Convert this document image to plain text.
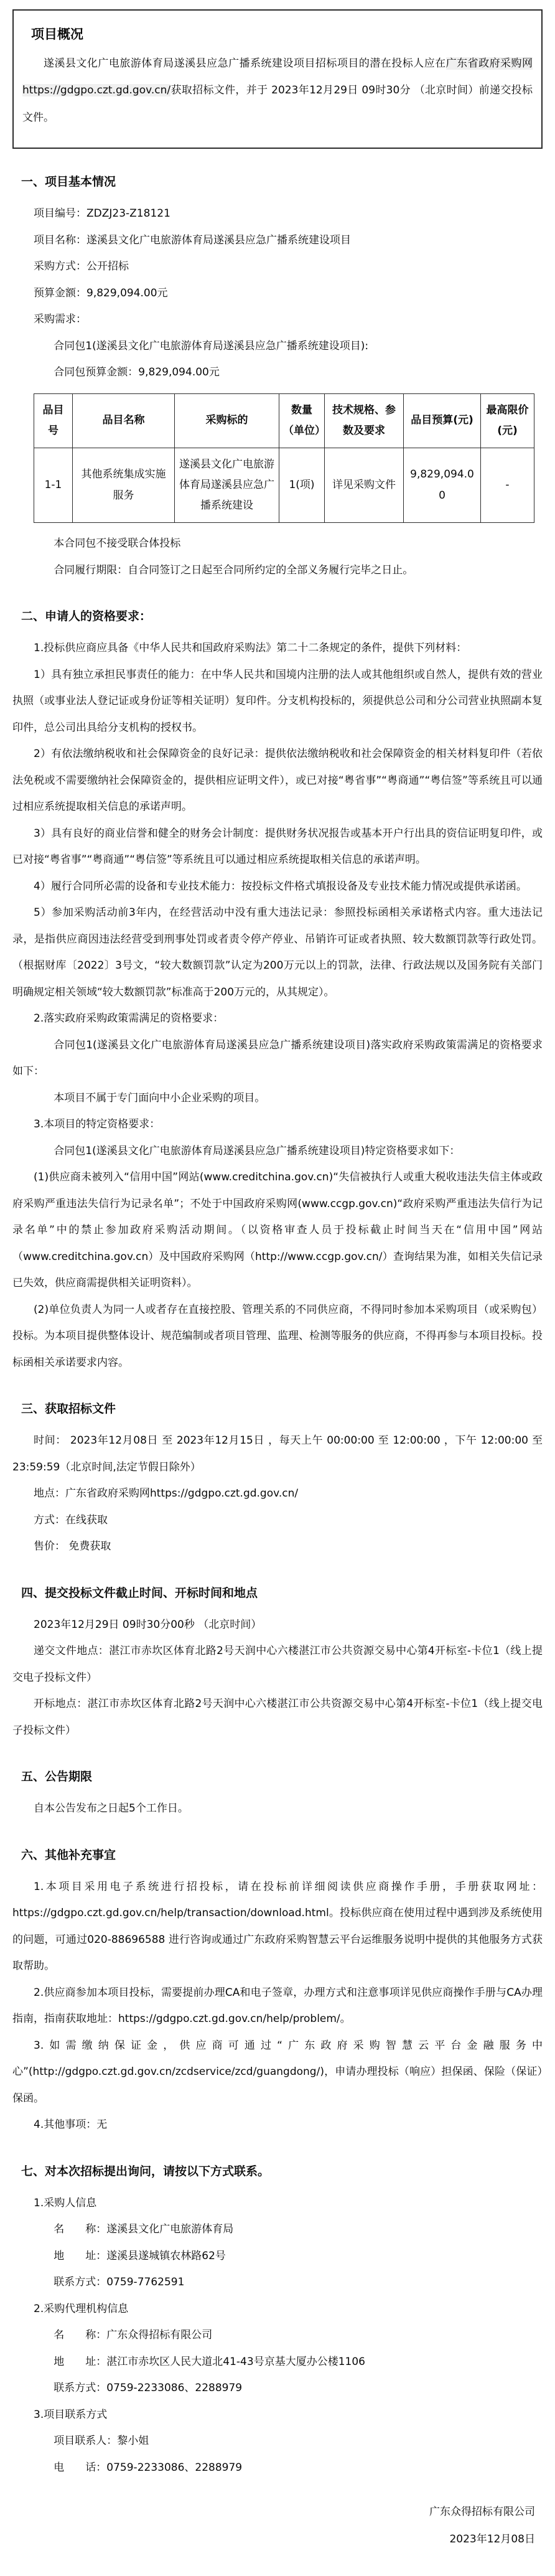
项目概况

遂溪县文化广电旅游体育局遂溪县应急广播系统建设项目招标项目的潜在投标人应在广东省政府采购网https://gdgpo.czt.gd.gov.cn/获取招标文件，并于 2023年12月29日 09时30分 （北京时间）前递交投标文件。

一、项目基本情况

项目编号：ZDZJ23-Z18121

项目名称：遂溪县文化广电旅游体育局遂溪县应急广播系统建设项目

采购方式：公开招标

预算金额：9,829,094.00元

采购需求：

合同包1(遂溪县文化广电旅游体育局遂溪县应急广播系统建设项目):

合同包预算金额：9,829,094.00元

品目号	品目名称	采购标的	数量（单位）	技术规格、参数及要求	品目预算(元)	最高限价(元)
1-1	其他系统集成实施服务	遂溪县文化广电旅游体育局遂溪县应急广播系统建设	1(项)	详见采购文件	9,829,094.00	-

本合同包不接受联合体投标

合同履行期限：自合同签订之日起至合同所约定的全部义务履行完毕之日止。

二、申请人的资格要求：

1.投标供应商应具备《中华人民共和国政府采购法》第二十二条规定的条件，提供下列材料：

1）具有独立承担民事责任的能力：在中华人民共和国境内注册的法人或其他组织或自然人，提供有效的营业执照（或事业法人登记证或身份证等相关证明）复印件。分支机构投标的，须提供总公司和分公司营业执照副本复印件，总公司出具给分支机构的授权书。

2）有依法缴纳税收和社会保障资金的良好记录：提供依法缴纳税收和社会保障资金的相关材料复印件（若依法免税或不需要缴纳社会保障资金的，提供相应证明文件），或已对接“粤省事”“粤商通”“粤信签”等系统且可以通过相应系统提取相关信息的承诺声明。

3）具有良好的商业信誉和健全的财务会计制度：提供财务状况报告或基本开户行出具的资信证明复印件，或已对接“粤省事”“粤商通”“粤信签”等系统且可以通过相应系统提取相关信息的承诺声明。

4）履行合同所必需的设备和专业技术能力：按投标文件格式填报设备及专业技术能力情况或提供承诺函。

5）参加采购活动前3年内，在经营活动中没有重大违法记录：参照投标函相关承诺格式内容。重大违法记录，是指供应商因违法经营受到刑事处罚或者责令停产停业、吊销许可证或者执照、较大数额罚款等行政处罚。（根据财库〔2022〕3号文，“较大数额罚款”认定为200万元以上的罚款，法律、行政法规以及国务院有关部门明确规定相关领域“较大数额罚款”标准高于200万元的，从其规定）。

2.落实政府采购政策需满足的资格要求：

合同包1(遂溪县文化广电旅游体育局遂溪县应急广播系统建设项目)落实政府采购政策需满足的资格要求如下：

本项目不属于专门面向中小企业采购的项目。

3.本项目的特定资格要求：

合同包1(遂溪县文化广电旅游体育局遂溪县应急广播系统建设项目)特定资格要求如下：

(1)供应商未被列入“信用中国”网站(www.creditchina.gov.cn)“失信被执行人或重大税收违法失信主体或政府采购严重违法失信行为记录名单”；不处于中国政府采购网(www.ccgp.gov.cn)“政府采购严重违法失信行为记录名单”中的禁止参加政府采购活动期间。（以资格审查人员于投标截止时间当天在“信用中国”网站（www.creditchina.gov.cn）及中国政府采购网（http://www.ccgp.gov.cn/）查询结果为准，如相关失信记录已失效，供应商需提供相关证明资料）。

(2)单位负责人为同一人或者存在直接控股、管理关系的不同供应商，不得同时参加本采购项目（或采购包）投标。为本项目提供整体设计、规范编制或者项目管理、监理、检测等服务的供应商，不得再参与本项目投标。投标函相关承诺要求内容。

三、获取招标文件

时间： 2023年12月08日 至 2023年12月15日 ，每天上午 00:00:00 至 12:00:00 ，下午 12:00:00 至 23:59:59（北京时间,法定节假日除外）

地点：广东省政府采购网https://gdgpo.czt.gd.gov.cn/

方式：在线获取

售价： 免费获取

四、提交投标文件截止时间、开标时间和地点

2023年12月29日 09时30分00秒 （北京时间）

递交文件地点：湛江市赤坎区体育北路2号天润中心六楼湛江市公共资源交易中心第4开标室-卡位1（线上提交电子投标文件）

开标地点：湛江市赤坎区体育北路2号天润中心六楼湛江市公共资源交易中心第4开标室-卡位1（线上提交电子投标文件）

五、公告期限

自本公告发布之日起5个工作日。

六、其他补充事宜

1.本项目采用电子系统进行招投标，请在投标前详细阅读供应商操作手册，手册获取网址：https://gdgpo.czt.gd.gov.cn/help/transaction/download.html。投标供应商在使用过程中遇到涉及系统使用的问题，可通过020-88696588 进行咨询或通过广东政府采购智慧云平台运维服务说明中提供的其他服务方式获取帮助。

2.供应商参加本项目投标，需要提前办理CA和电子签章，办理方式和注意事项详见供应商操作手册与CA办理指南，指南获取地址：https://gdgpo.czt.gd.gov.cn/help/problem/。

3.如需缴纳保证金，供应商可通过“广东政府采购智慧云平台金融服务中心”(http://gdgpo.czt.gd.gov.cn/zcdservice/zcd/guangdong/)，申请办理投标（响应）担保函、保险（保证）保函。

4.其他事项：无

七、对本次招标提出询问，请按以下方式联系。

1.采购人信息

名　　称：遂溪县文化广电旅游体育局

地　　址：遂溪县遂城镇农林路62号

联系方式：0759-7762591

2.采购代理机构信息

名　　称：广东众得招标有限公司

地　　址：湛江市赤坎区人民大道北41-43号京基大厦办公楼1106

联系方式：0759-2233086、2288979

3.项目联系方式

项目联系人：黎小姐

电　　话：0759-2233086、2288979

广东众得招标有限公司
2023年12月08日
